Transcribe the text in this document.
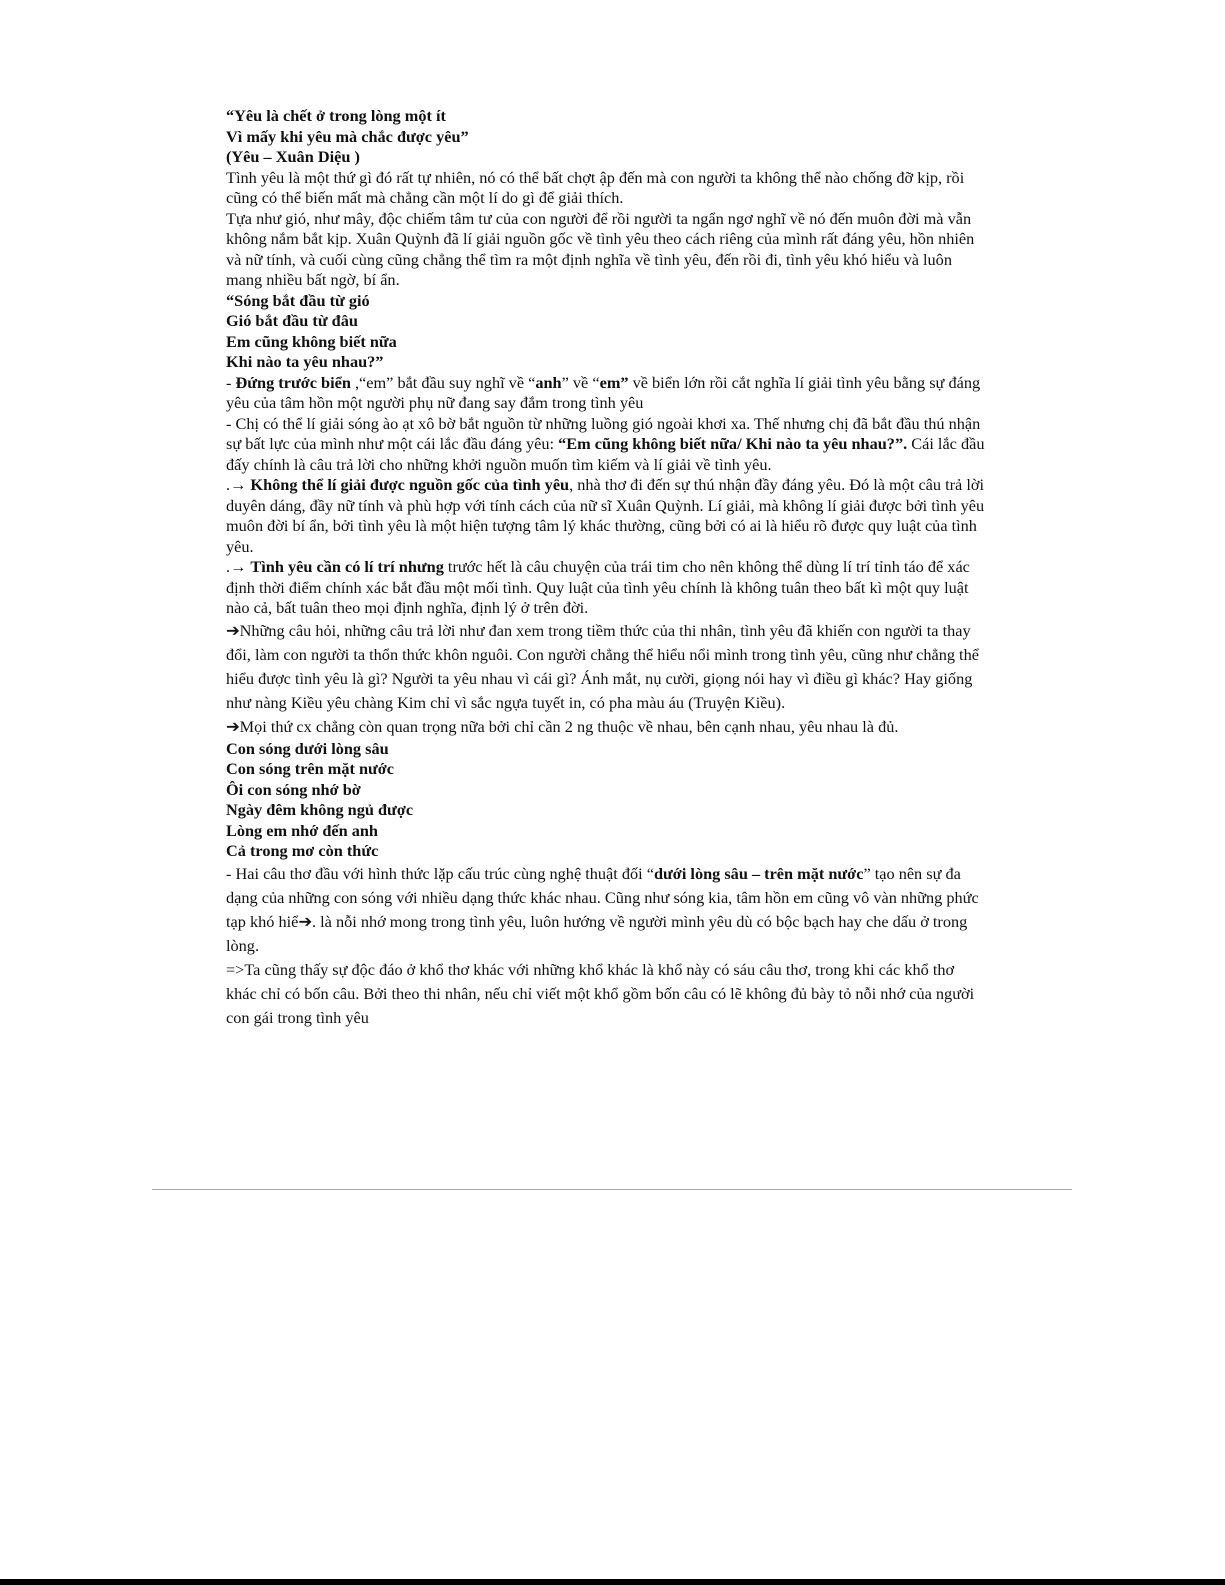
“Yêu là chết ở trong lòng một ít

Vì mấy khi yêu mà chắc được yêu”

(Yêu – Xuân Diệu )

Tình yêu là một thứ gì đó rất tự nhiên, nó có thể bất chợt ập đến mà con người ta không thể nào chống đỡ kịp, rồi cũng có thể biến mất mà chẳng cần một lí do gì để giải thích.

Tựa như gió, như mây, độc chiếm tâm tư của con người để rồi người ta ngẩn ngơ nghĩ về nó đến muôn đời mà vẫn không nắm bắt kịp. Xuân Quỳnh đã lí giải nguồn gốc về tình yêu theo cách riêng của mình rất đáng yêu, hồn nhiên và nữ tính, và cuối cùng cũng chẳng thể tìm ra một định nghĩa về tình yêu, đến rồi đi, tình yêu khó hiểu và luôn mang nhiều bất ngờ, bí ẩn.

“Sóng bắt đầu từ gió

Gió bắt đầu từ đâu

Em cũng không biết nữa

Khi nào ta yêu nhau?”

- Đứng trước biển ,“em” bắt đầu suy nghĩ về “anh” về “em” về biển lớn rồi cắt nghĩa lí giải tình yêu bằng sự đáng yêu của tâm hồn một người phụ nữ đang say đắm trong tình yêu

- Chị có thể lí giải sóng ào ạt xô bờ bắt nguồn từ những luồng gió ngoài khơi xa. Thế nhưng chị đã bắt đầu thú nhận sự bất lực của mình như một cái lắc đầu đáng yêu: “Em cũng không biết nữa/ Khi nào ta yêu nhau?”. Cái lắc đầu đấy chính là câu trả lời cho những khởi nguồn muốn tìm kiếm và lí giải về tình yêu.

.→ Không thể lí giải được nguồn gốc của tình yêu, nhà thơ đi đến sự thú nhận đầy đáng yêu. Đó là một câu trả lời duyên dáng, đầy nữ tính và phù hợp với tính cách của nữ sĩ Xuân Quỳnh. Lí giải, mà không lí giải được bởi tình yêu muôn đời bí ẩn, bởi tình yêu là một hiện tượng tâm lý khác thường, cũng bởi có ai là hiểu rõ được quy luật của tình yêu.

.→ Tình yêu cần có lí trí nhưng trước hết là câu chuyện của trái tim cho nên không thể dùng lí trí tỉnh táo để xác định thời điểm chính xác bắt đầu một mối tình. Quy luật của tình yêu chính là không tuân theo bất kì một quy luật nào cả, bất tuân theo mọi định nghĩa, định lý ở trên đời.

➔Những câu hỏi, những câu trả lời như đan xem trong tiềm thức của thi nhân, tình yêu đã khiến con người ta thay đổi, làm con người ta thổn thức khôn nguôi. Con người chẳng thể hiểu nổi mình trong tình yêu, cũng như chẳng thể hiểu được tình yêu là gì? Người ta yêu nhau vì cái gì? Ánh mắt, nụ cười, giọng nói hay vì điều gì khác? Hay giống như nàng Kiều yêu chàng Kim chỉ vì sắc ngựa tuyết in, có pha màu áu (Truyện Kiều).

➔Mọi thứ cx chẳng còn quan trọng nữa bởi chỉ cần 2 ng thuộc về nhau, bên cạnh nhau, yêu nhau là đủ.

Con sóng dưới lòng sâu

Con sóng trên mặt nước

Ôi con sóng nhớ bờ

Ngày đêm không ngủ được

Lòng em nhớ đến anh

Cả trong mơ còn thức

- Hai câu thơ đầu với hình thức lặp cấu trúc cùng nghệ thuật đối “dưới lòng sâu – trên mặt nước” tạo nên sự đa dạng của những con sóng với nhiều dạng thức khác nhau. Cũng như sóng kia, tâm hồn em cũng vô vàn những phức tạp khó hiể➔. là nỗi nhớ mong trong tình yêu, luôn hướng về người mình yêu dù có bộc bạch hay che dấu ở trong lòng.

=>Ta cũng thấy sự độc đáo ở khổ thơ khác với những khổ khác là khổ này có sáu câu thơ, trong khi các khổ thơ khác chỉ có bốn câu. Bởi theo thi nhân, nếu chỉ viết một khổ gồm bốn câu có lẽ không đủ bày tỏ nỗi nhớ của người con gái trong tình yêu
